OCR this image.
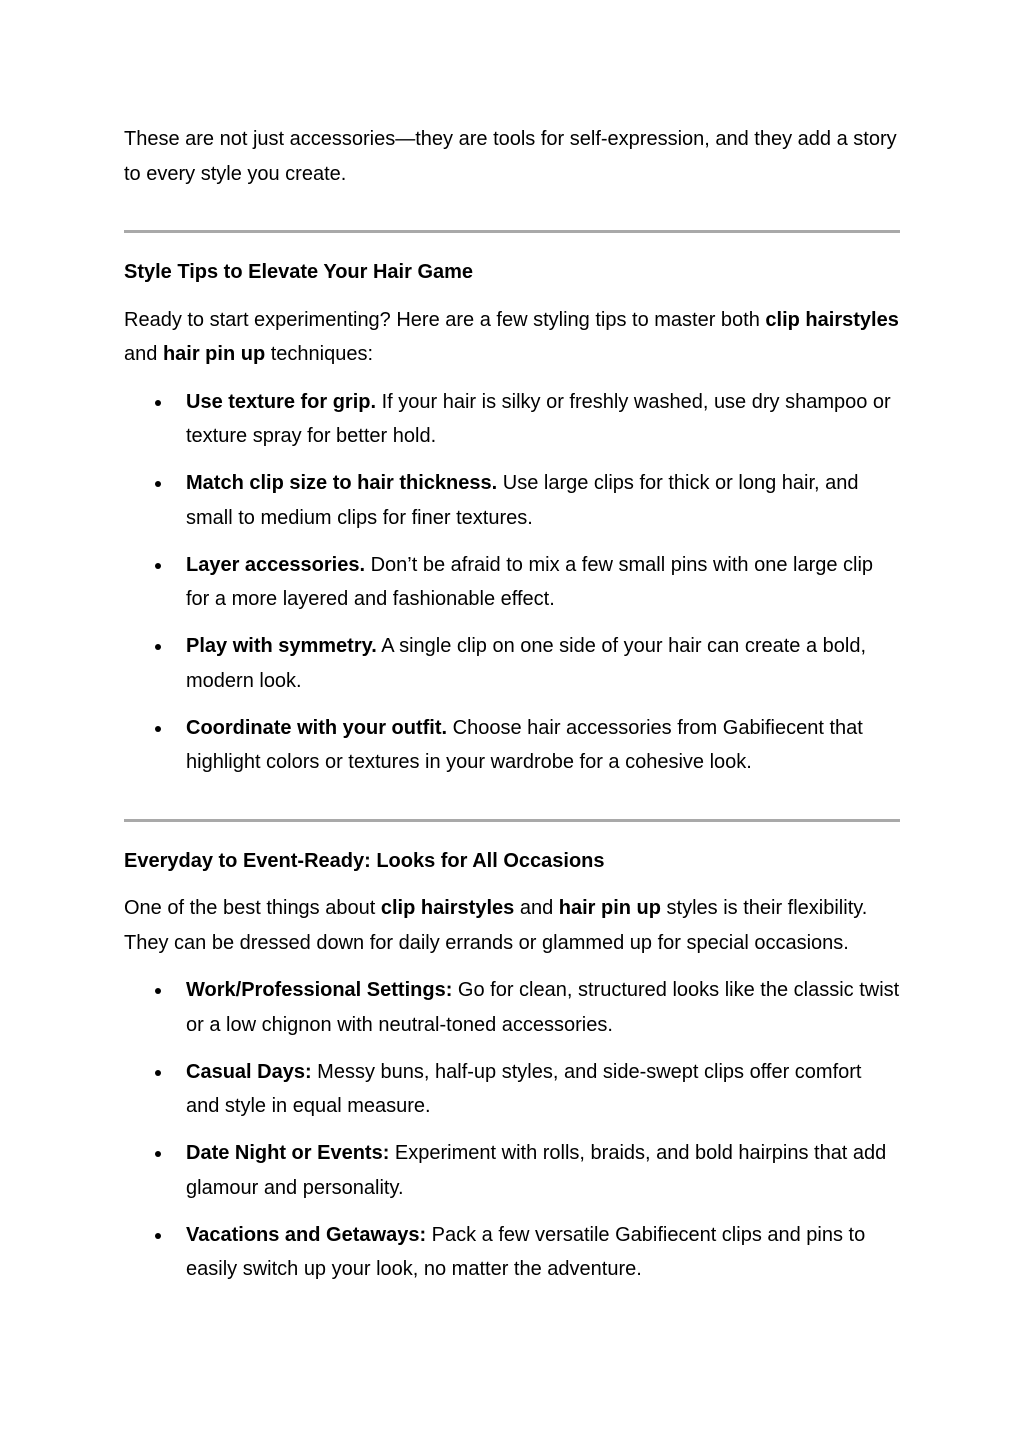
These are not just accessories—they are tools for self-expression, and they add a story to every style you create.

Style Tips to Elevate Your Hair Game

Ready to start experimenting? Here are a few styling tips to master both clip hairstyles and hair pin up techniques:

Use texture for grip. If your hair is silky or freshly washed, use dry shampoo or texture spray for better hold.
Match clip size to hair thickness. Use large clips for thick or long hair, and small to medium clips for finer textures.
Layer accessories. Don’t be afraid to mix a few small pins with one large clip for a more layered and fashionable effect.
Play with symmetry. A single clip on one side of your hair can create a bold, modern look.
Coordinate with your outfit. Choose hair accessories from Gabifiecent that highlight colors or textures in your wardrobe for a cohesive look.

Everyday to Event-Ready: Looks for All Occasions

One of the best things about clip hairstyles and hair pin up styles is their flexibility. They can be dressed down for daily errands or glammed up for special occasions.

Work/Professional Settings: Go for clean, structured looks like the classic twist or a low chignon with neutral-toned accessories.
Casual Days: Messy buns, half-up styles, and side-swept clips offer comfort and style in equal measure.
Date Night or Events: Experiment with rolls, braids, and bold hairpins that add glamour and personality.
Vacations and Getaways: Pack a few versatile Gabifiecent clips and pins to easily switch up your look, no matter the adventure.
